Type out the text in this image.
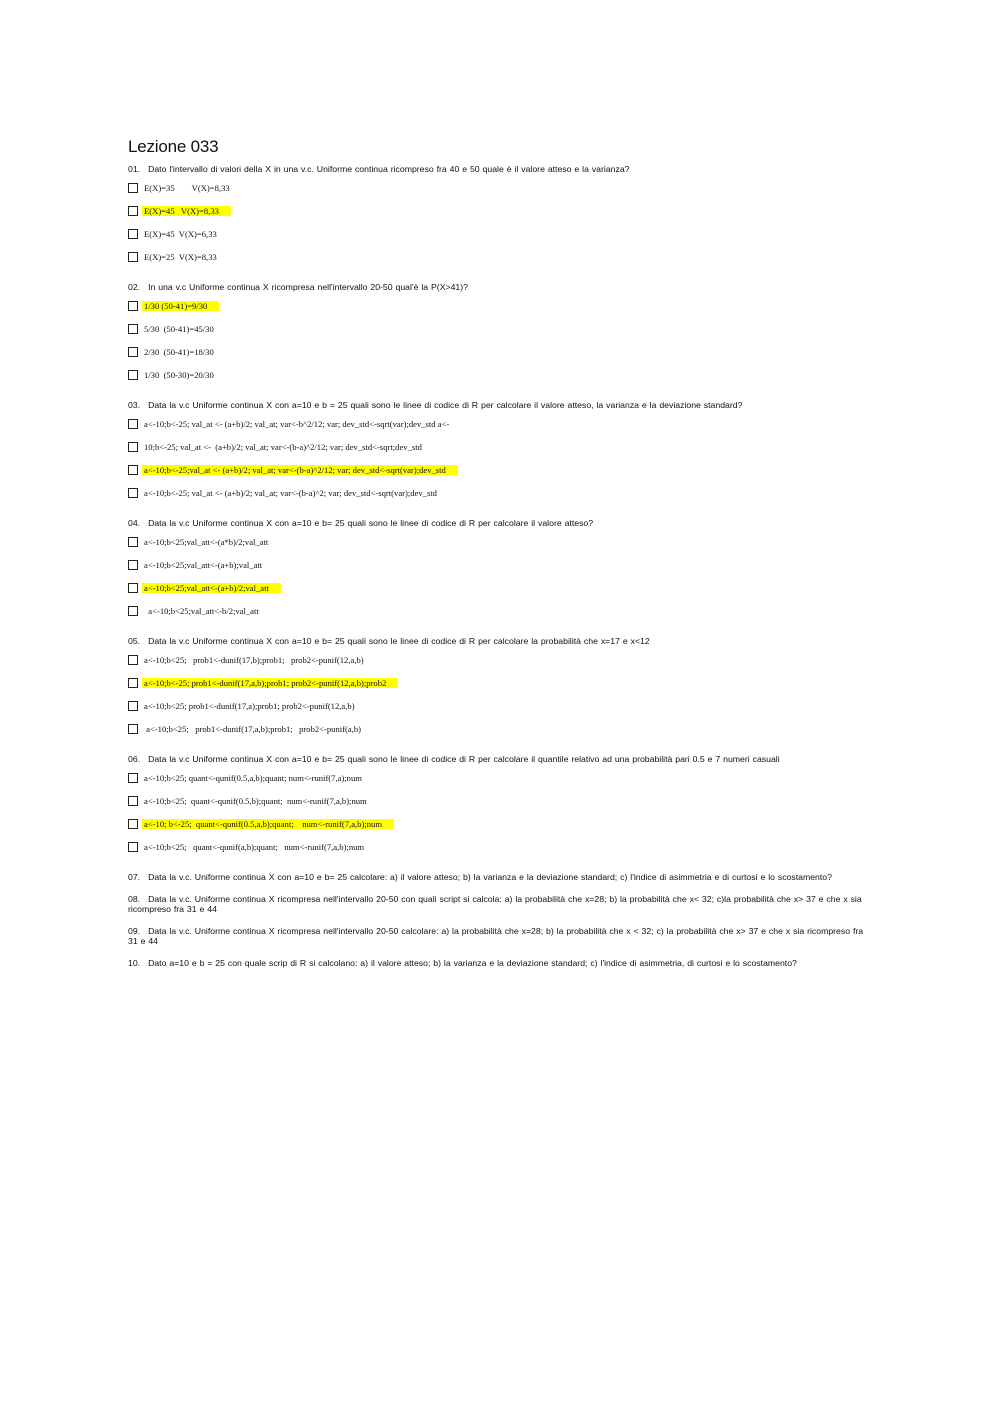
Lezione 033

01. Dato l'intervallo di valori della X in una v.c. Uniforme continua ricompreso fra 40 e 50 quale è il valore atteso e la varianza?

E(X)=35        V(X)=8,33
E(X)=45   V(X)=8,33
E(X)=45  V(X)=6,33
E(X)=25  V(X)=8,33

02. In una v.c Uniforme continua X ricompresa nell'intervallo 20-50 qual'è la P(X>41)?

1/30 (50-41)=9/30
5/30  (50-41)=45/30
2/30  (50-41)=18/30
1/30  (50-30)=20/30

03. Data la v.c Uniforme continua X con a=10 e b = 25 quali sono le linee di codice di R per calcolare il valore atteso, la varianza e la deviazione standard?

a<-10;b<-25; val_at <- (a+b)/2; val_at; var<-b^2/12; var; dev_std<-sqrt(var);dev_std a<-
10;b<-25; val_at <-  (a+b)/2; val_at; var<-(b-a)^2/12; var; dev_std<-sqrt;dev_std
a<-10;b<-25;val_at <- (a+b)/2; val_at; var<-(b-a)^2/12; var; dev_std<-sqrt(var);dev_std
a<-10;b<-25; val_at <- (a+b)/2; val_at; var<-(b-a)^2; var; dev_std<-sqrt(var);dev_std

04. Data la v.c Uniforme continua X con a=10 e b= 25 quali sono le linee di codice di R per calcolare il valore atteso?

a<-10;b<25;val_att<-(a*b)/2;val_att
a<-10;b<25;val_att<-(a+b);val_att
a<-10;b<25;val_att<-(a+b)/2;val_att
a<-10;b<25;val_att<-b/2;val_att

05. Data la v.c Uniforme continua X con a=10 e b= 25 quali sono le linee di codice di R per calcolare la probabilità che x=17 e x<12

a<-10;b<25;   prob1<-dunif(17,b);prob1;   prob2<-punif(12,a,b)
a<-10;b<-25; prob1<-dunif(17,a,b);prob1; prob2<-punif(12,a,b);prob2
a<-10;b<25; prob1<-dunif(17,a);prob1; prob2<-punif(12,a,b)
a<-10;b<25;   prob1<-dunif(17,a,b);prob1;   prob2<-punif(a,b)

06. Data la v.c Uniforme continua X con a=10 e b= 25 quali sono le linee di codice di R per calcolare il quantile relativo ad una probabilità pari 0.5 e 7 numeri casuali

a<-10;b<25; quant<-qunif(0.5,a,b);quant; num<-runif(7,a);num
a<-10;b<25;  quant<-qunif(0.5,b);quant;  num<-runif(7,a,b);num
a<-10; b<-25;  quant<-qunif(0.5,a,b);quant;    num<-runif(7,a,b);num
a<-10;b<25;   quant<-qunif(a,b);quant;   num<-runif(7,a,b);num

07. Data la v.c. Uniforme continua X con a=10 e b= 25 calcolare: a) il valore atteso; b) la varianza e la deviazione standard; c) l'indice di asimmetria e di curtosi e lo scostamento?

08. Data la v.c. Uniforme continua X ricompresa nell'intervallo 20-50 con quali script si calcola: a) la probabilità che x=28; b) la probabilità che x< 32; c)la probabilità che x> 37 e che x sia ricompreso fra 31 e 44

09. Data la v.c. Uniforme continua X ricompresa nell'intervallo 20-50 calcolare: a) la probabilità che x=28; b) la probabilità che x < 32; c) la probabilità che x> 37 e che x sia ricompreso fra 31 e 44

10. Dato a=10 e b = 25 con quale scrip di R si calcolano: a) il valore atteso; b) la varianza e la deviazione standard; c) l'indice di asimmetria, di curtosi e lo scostamento?
